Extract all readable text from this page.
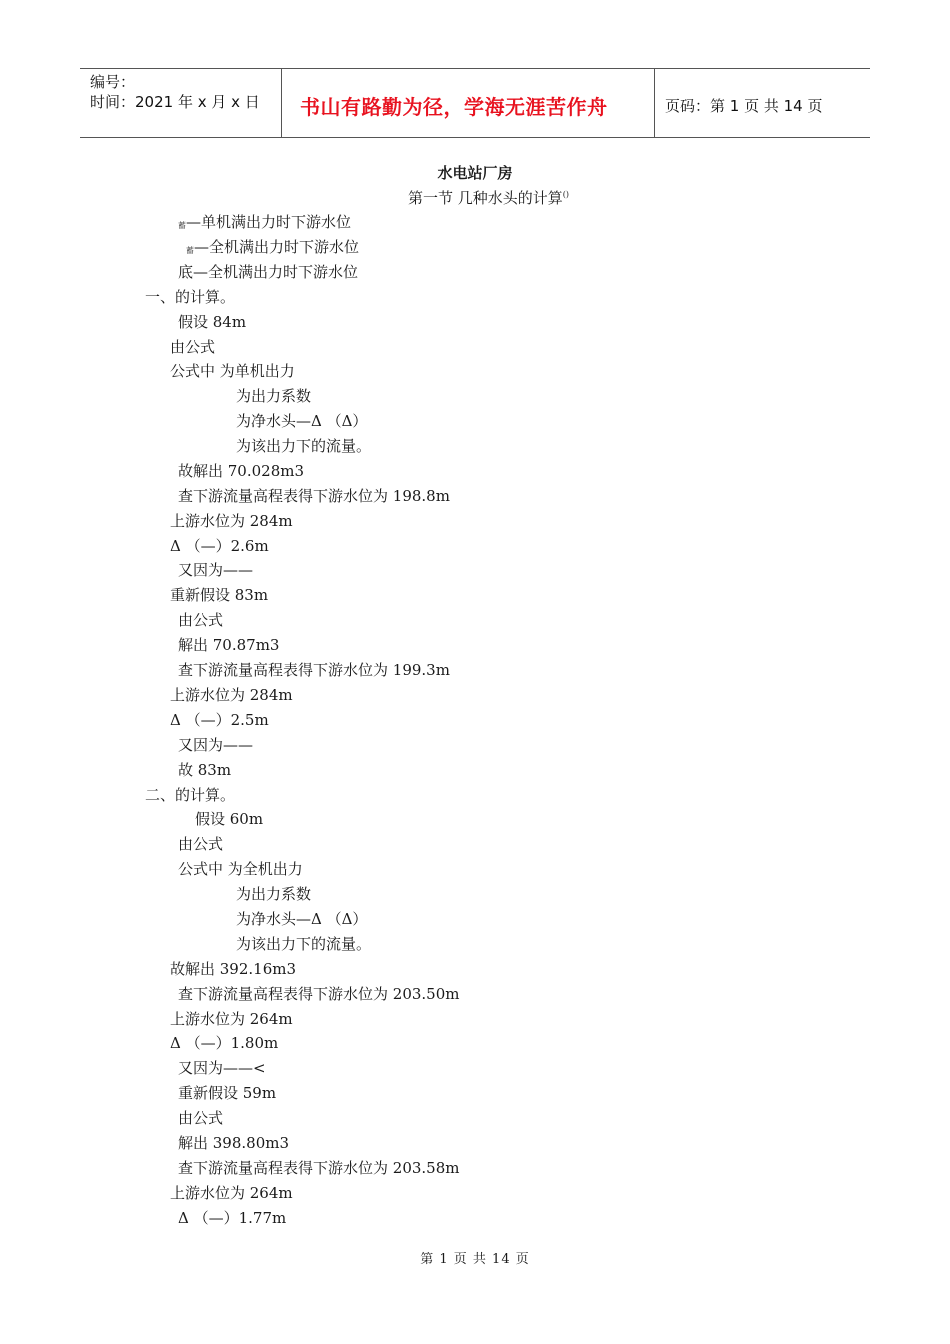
编号：
时间：2021 年 x 月 x 日 书山有路勤为径，学海无涯苦作舟	页码：第 1 页 共 14 页
水电站厂房
第一节 几种水头的计算()
蓄—单机满出力时下游水位
蓄—全机满出力时下游水位
底—全机满出力时下游水位
一、的计算。
假设 84m
由公式
公式中 为单机出力
为出力系数
为净水头—Δ （Δ）
为该出力下的流量。
故解出 70.028m3
查下游流量高程表得下游水位为 198.8m
上游水位为 284m
Δ （—）2.6m
又因为——
重新假设 83m
由公式
解出 70.87m3
查下游流量高程表得下游水位为 199.3m
上游水位为 284m
Δ （—）2.5m
又因为——
故 83m
二、的计算。
假设 60m
由公式
公式中 为全机出力
为出力系数
为净水头—Δ （Δ）
为该出力下的流量。
故解出 392.16m3
查下游流量高程表得下游水位为 203.50m
上游水位为 264m
Δ （—）1.80m
又因为——<
重新假设 59m
由公式
解出 398.80m3
查下游流量高程表得下游水位为 203.58m
上游水位为 264m
Δ （—）1.77m
第 1 页 共 14 页
